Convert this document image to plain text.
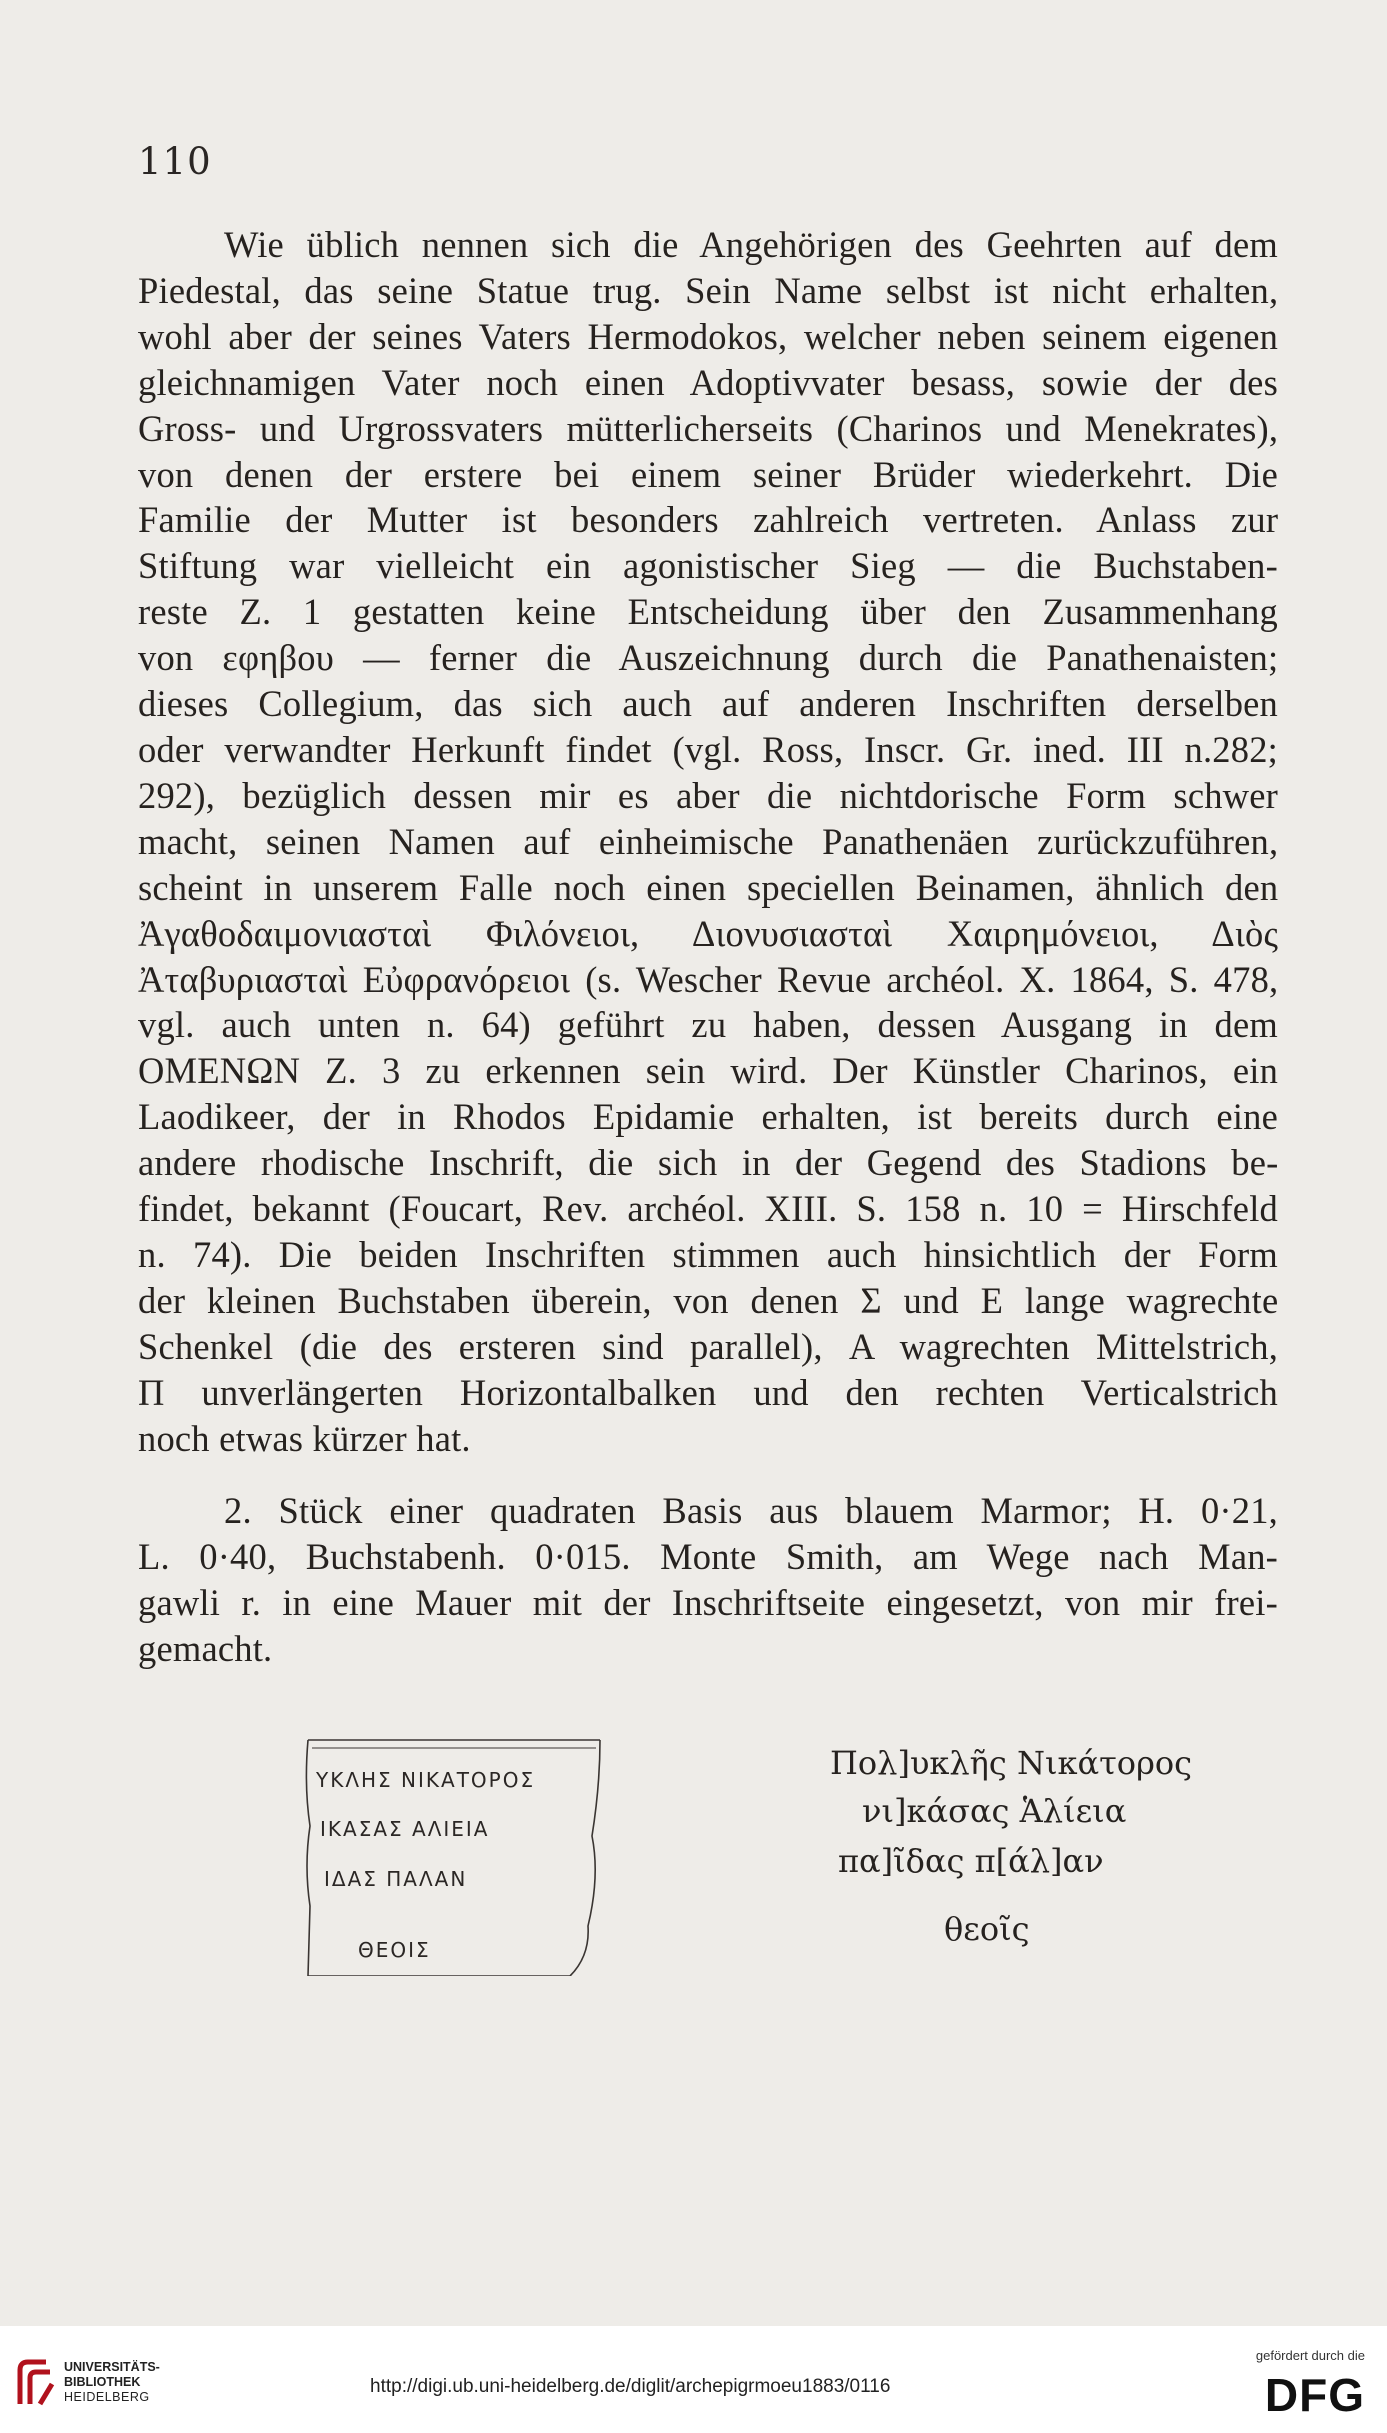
110
Wie üblich nennen sich die Angehörigen des Geehrten auf dem
Piedestal, das seine Statue trug. Sein Name selbst ist nicht erhalten,
wohl aber der seines Vaters Hermodokos, welcher neben seinem eigenen
gleichnamigen Vater noch einen Adoptivvater besass, sowie der des
Gross- und Urgrossvaters mütterlicherseits (Charinos und Menekrates),
von denen der erstere bei einem seiner Brüder wiederkehrt. Die
Familie der Mutter ist besonders zahlreich vertreten. Anlass zur
Stiftung war vielleicht ein agonistischer Sieg — die Buchstaben-
reste Z. 1 gestatten keine Entscheidung über den Zusammenhang
von εφηβου — ferner die Auszeichnung durch die Panathenaisten;
dieses Collegium, das sich auch auf anderen Inschriften derselben
oder verwandter Herkunft findet (vgl. Ross, Inscr. Gr. ined. III n.282;
292), bezüglich dessen mir es aber die nichtdorische Form schwer
macht, seinen Namen auf einheimische Panathenäen zurückzuführen,
scheint in unserem Falle noch einen speciellen Beinamen, ähnlich den
Ἀγαθοδαιμονιασταὶ Φιλόνειοι, Διονυσιασταὶ Χαιρημόνειοι, Διὸς
Ἀταβυριασταὶ Εὐφρανόρειοι (s. Wescher Revue archéol. X. 1864, S. 478,
vgl. auch unten n. 64) geführt zu haben, dessen Ausgang in dem
ΟΜΕΝΩΝ Z. 3 zu erkennen sein wird. Der Künstler Charinos, ein
Laodikeer, der in Rhodos Epidamie erhalten, ist bereits durch eine
andere rhodische Inschrift, die sich in der Gegend des Stadions be-
findet, bekannt (Foucart, Rev. archéol. XIII. S. 158 n. 10 = Hirschfeld
n. 74). Die beiden Inschriften stimmen auch hinsichtlich der Form
der kleinen Buchstaben überein, von denen Σ und Ε lange wagrechte
Schenkel (die des ersteren sind parallel), Α wagrechten Mittelstrich,
Π unverlängerten Horizontalbalken und den rechten Verticalstrich
noch etwas kürzer hat.
2. Stück einer quadraten Basis aus blauem Marmor; H. 0·21,
L. 0·40, Buchstabenh. 0·015. Monte Smith, am Wege nach Man-
gawli r. in eine Mauer mit der Inschriftseite eingesetzt, von mir frei-
gemacht.
ΥΚΛΗΣ ΝΙΚΑΤΟΡΟΣ
ΙΚΑΣΑΣ ΑΛΙΕΙΑ
ΙΔΑΣ ΠΑΛΑΝ
ΘΕΟΙΣ
Πολ]υκλῆς Νικάτορος
νι]κάσας Ἁλίεια
πα]ῖδας π[άλ]αν
θεοῖς
UNIVERSITÄTS-
BIBLIOTHEK
HEIDELBERG	http://digi.ub.uni-heidelberg.de/diglit/archepigrmoeu1883/0116
gefördert durch die
DFG
